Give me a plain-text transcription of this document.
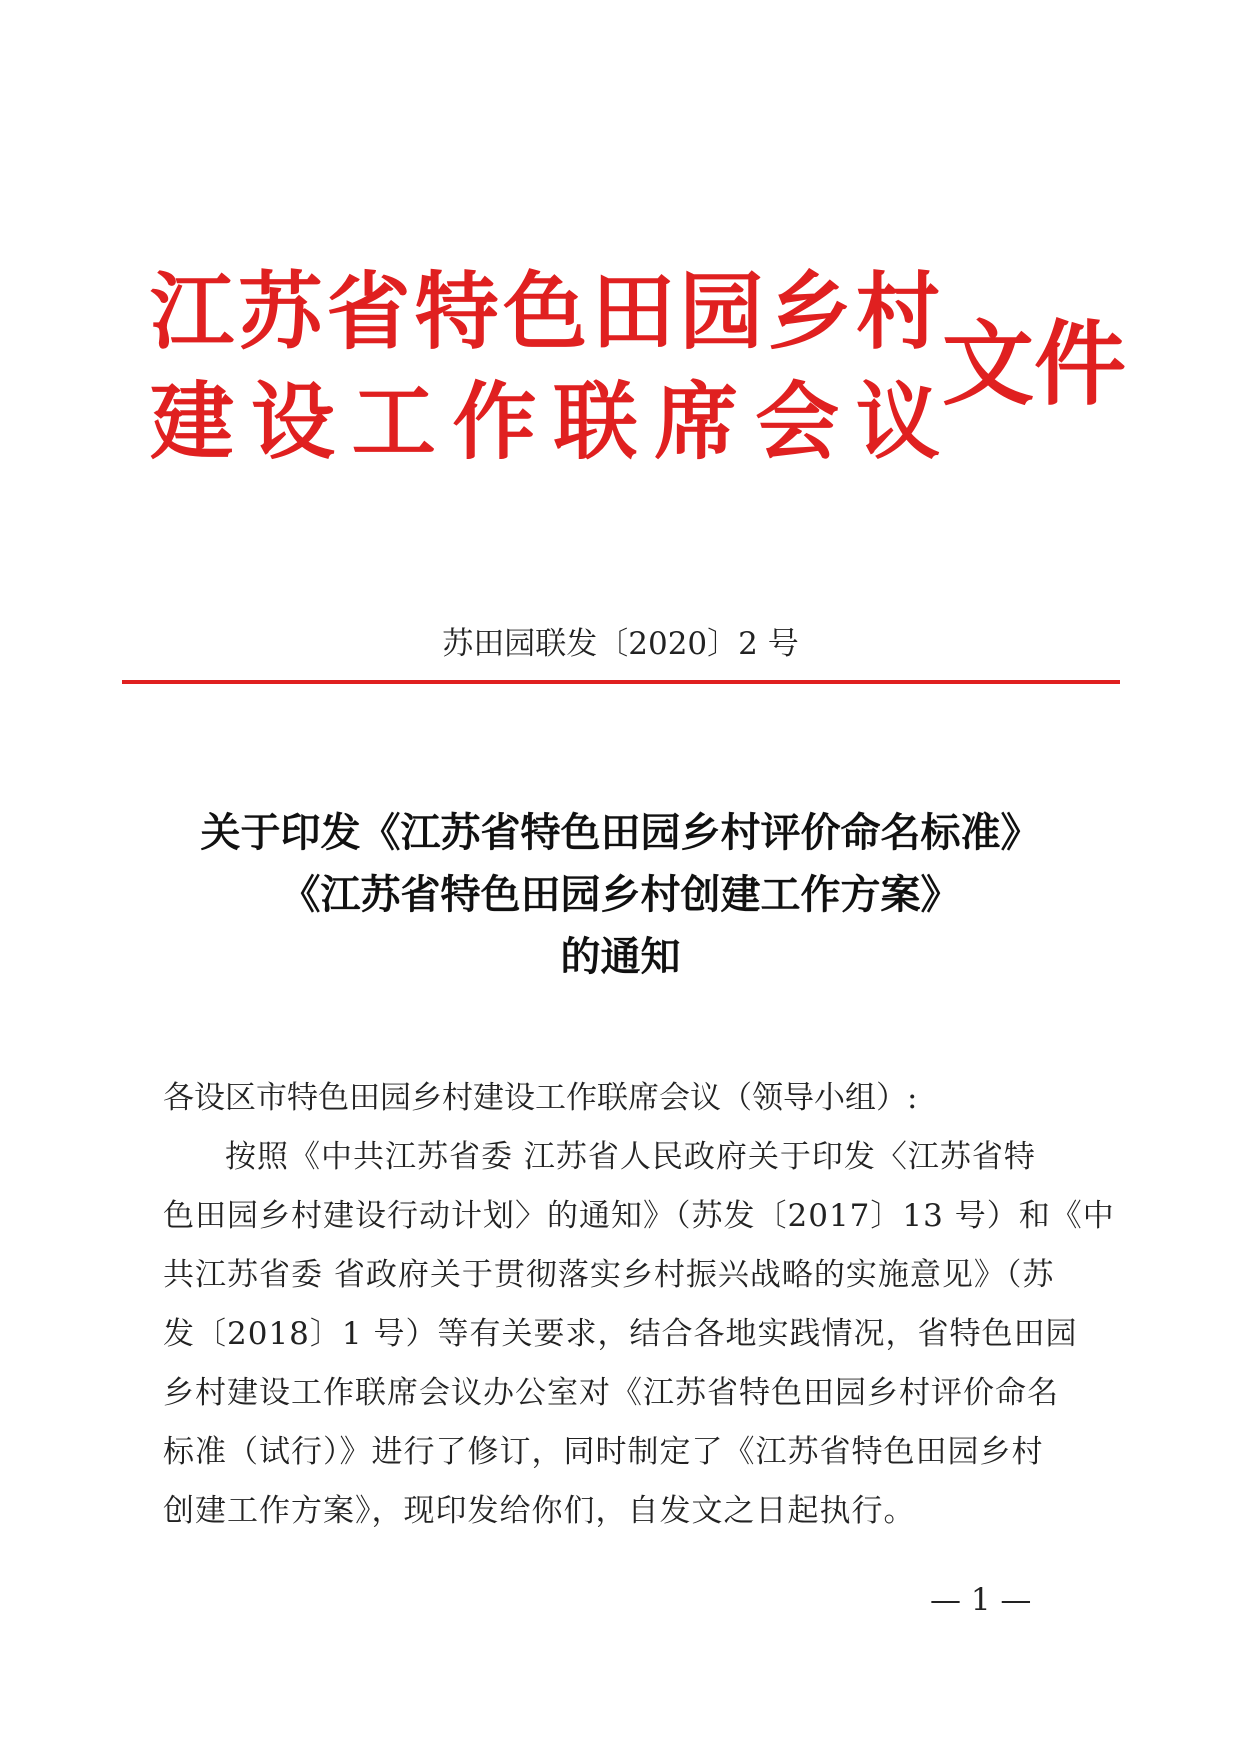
江 苏 省 特 色 田 园 乡 村
建 设 工 作 联 席 会 议
文件
苏田园联发〔2020〕2 号
关于印发《江苏省特色田园乡村评价命名标准》
《江苏省特色田园乡村创建工作方案》
的通知
各设区市特色田园乡村建设工作联席会议（领导小组）:
按照《中共江苏省委 江苏省人民政府关于印发〈江苏省特
色田园乡村建设行动计划〉的通知》（苏发〔2017〕13 号）和《中
共江苏省委 省政府关于贯彻落实乡村振兴战略的实施意见》（苏
发〔2018〕1 号）等有关要求，结合各地实践情况，省特色田园
乡村建设工作联席会议办公室对《江苏省特色田园乡村评价命名
标准（试行）》进行了修订，同时制定了《江苏省特色田园乡村
创建工作方案》，现印发给你们，自发文之日起执行。
— 1 —
